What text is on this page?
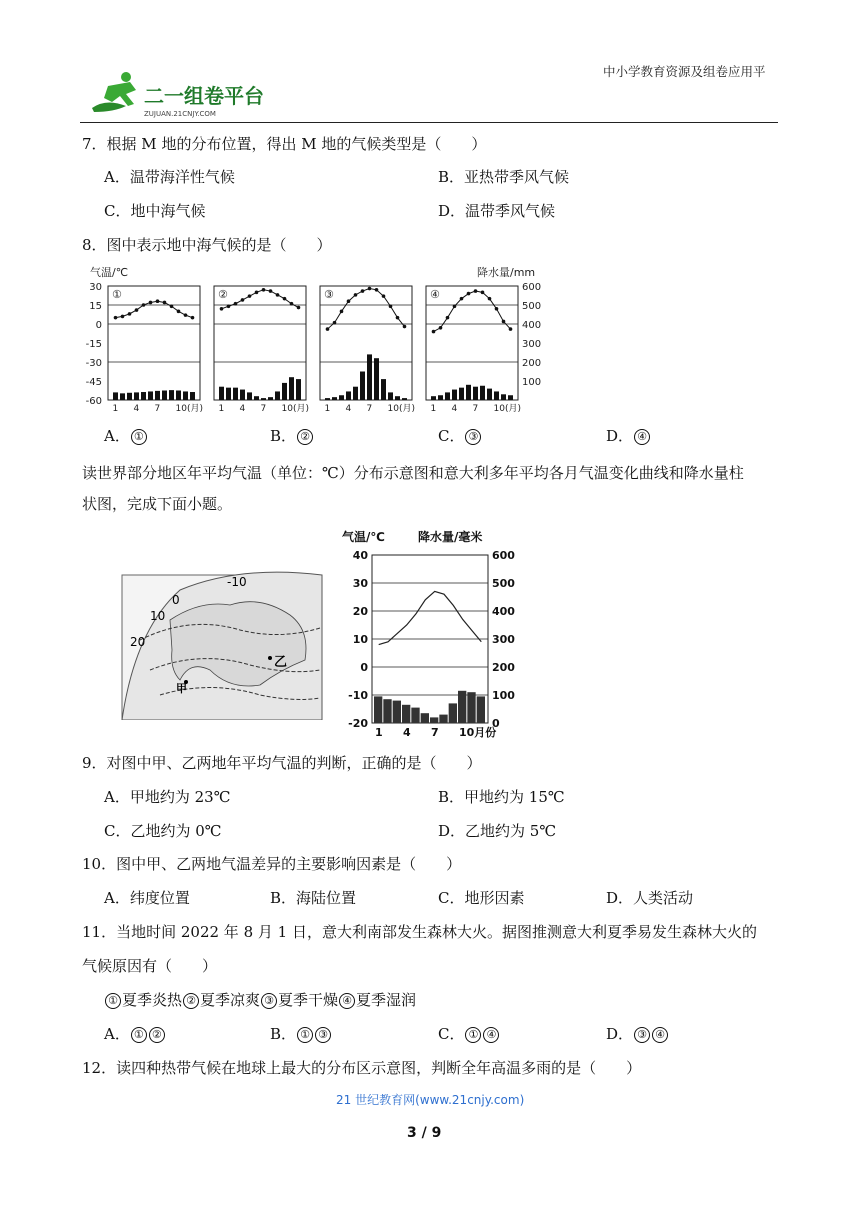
中小学教育资源及组卷应用平
二一组卷平台
ZUJUAN.21CNJY.COM
7．根据 M 地的分布位置，得出 M 地的气候类型是（　　）
A．温带海洋性气候	B．亚热带季风气候
C．地中海气候	D．温带季风气候
8．图中表示地中海气候的是（　　）
气温/℃	降水量/mm
30
15
0
-15
-30
-45
-60
600
500
400
300
200
100
①
1 4 7 10(月)
②
1 4 7 10(月)
③
1 4 7 10(月)
④
1 4 7 10(月)
A． ①	B． ②	C． ③	D． ④
读世界部分地区年平均气温（单位：℃）分布示意图和意大利多年平均各月气温变化曲线和降水量柱
状图，完成下面小题。
-10
0
10
20
乙
甲
气温/℃	降水量/毫米
40
30
20
10
0
-10
-20
600
500
400
300
200
100
0
1 4 7 10月份
9．对图中甲、乙两地年平均气温的判断，正确的是（　　）
A．甲地约为 23℃	B．甲地约为 15℃
C．乙地约为 0℃	D．乙地约为 5℃
10．图中甲、乙两地气温差异的主要影响因素是（　　）
A．纬度位置	B．海陆位置	C．地形因素	D．人类活动
11．当地时间 2022 年 8 月 1 日，意大利南部发生森林大火。据图推测意大利夏季易发生森林大火的
气候原因有（　　）
① 夏季炎热 ② 夏季凉爽 ③ 夏季干燥 ④ 夏季湿润
A． ① ②	B． ① ③	C． ① ④	D． ③ ④
12．读四种热带气候在地球上最大的分布区示意图，判断全年高温多雨的是（　　）
21 世纪教育网(www.21cnjy.com)
3 / 9
